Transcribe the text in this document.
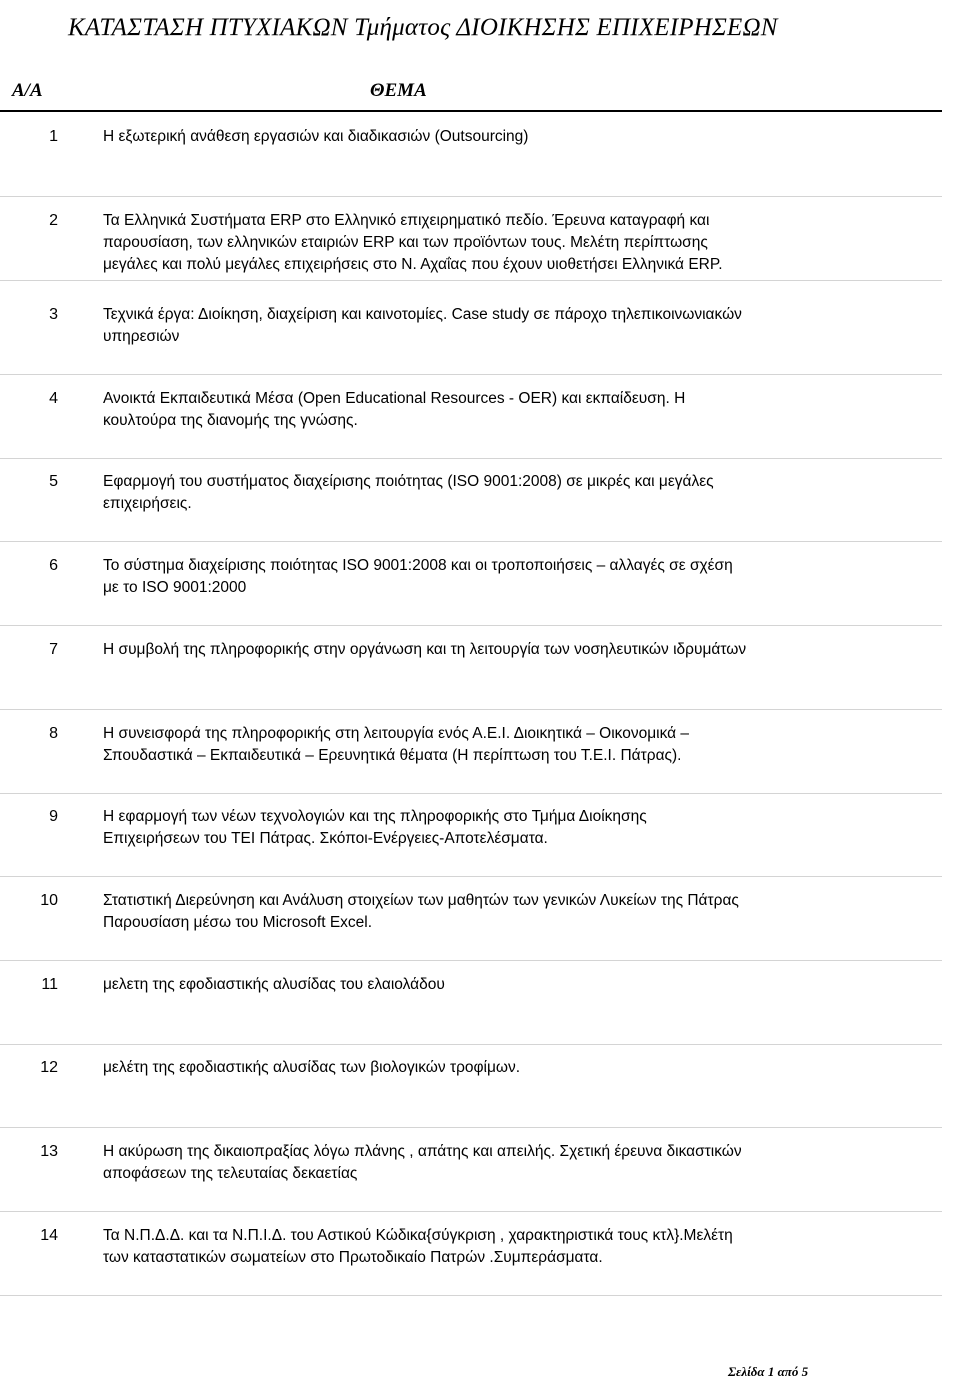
ΚΑΤΑΣΤΑΣΗ ΠΤΥΧΙΑΚΩΝ Τμήματος ΔΙΟΙΚΗΣΗΣ ΕΠΙΧΕΙΡΗΣΕΩΝ
Α/Α	ΘΕΜΑ
1	Η εξωτερική ανάθεση εργασιών και διαδικασιών (Outsourcing)
2	Τα Ελληνικά Συστήματα ERP στο Ελληνικό επιχειρηματικό πεδίο. Έρευνα καταγραφή και
παρουσίαση, των ελληνικών εταιριών ERP και των προϊόντων τους. Μελέτη περίπτωσης
μεγάλες και πολύ μεγάλες επιχειρήσεις στο Ν. Αχαΐας που έχουν υιοθετήσει Ελληνικά ERP.
3	Τεχνικά έργα: Διοίκηση, διαχείριση και καινοτομίες. Case study σε πάροχο τηλεπικοινωνιακών
υπηρεσιών
4	Ανοικτά Εκπαιδευτικά Μέσα (Open Educational Resources - OER) και εκπαίδευση. Η
κουλτούρα της διανομής της γνώσης.
5	Εφαρμογή του συστήματος διαχείρισης ποιότητας (ISO 9001:2008) σε μικρές και μεγάλες
επιχειρήσεις.
6	Το σύστημα διαχείρισης ποιότητας ISO 9001:2008 και οι τροποποιήσεις – αλλαγές σε σχέση
με το ISO 9001:2000
7	Η συμβολή της πληροφορικής στην οργάνωση και τη λειτουργία των νοσηλευτικών ιδρυμάτων
8	Η συνεισφορά της πληροφορικής στη λειτουργία ενός Α.Ε.Ι. Διοικητικά – Οικονομικά –
Σπουδαστικά – Εκπαιδευτικά – Ερευνητικά θέματα (Η περίπτωση του Τ.Ε.Ι. Πάτρας).
9	Η εφαρμογή των νέων τεχνολογιών και της πληροφορικής στο Τμήμα Διοίκησης
Επιχειρήσεων του ΤΕΙ Πάτρας. Σκόποι-Ενέργειες-Αποτελέσματα.
10	Στατιστική Διερεύνηση και Ανάλυση στοιχείων των μαθητών των γενικών Λυκείων της Πάτρας
Παρουσίαση μέσω του Microsoft Excel.
11	μελετη της εφοδιαστικής αλυσίδας του ελαιολάδου
12	μελέτη της εφοδιαστικής αλυσίδας των βιολογικών τροφίμων.
13	Η ακύρωση της δικαιοπραξίας λόγω πλάνης , απάτης και απειλής. Σχετική έρευνα δικαστικών
αποφάσεων της τελευταίας δεκαετίας
14	Τα Ν.Π.Δ.Δ. και τα Ν.Π.Ι.Δ. του Αστικού Κώδικα{σύγκριση , χαρακτηριστικά τους κτλ}.Μελέτη
των καταστατικών σωματείων στο Πρωτοδικαίο Πατρών .Συμπεράσματα.
Σελίδα 1 από 5
